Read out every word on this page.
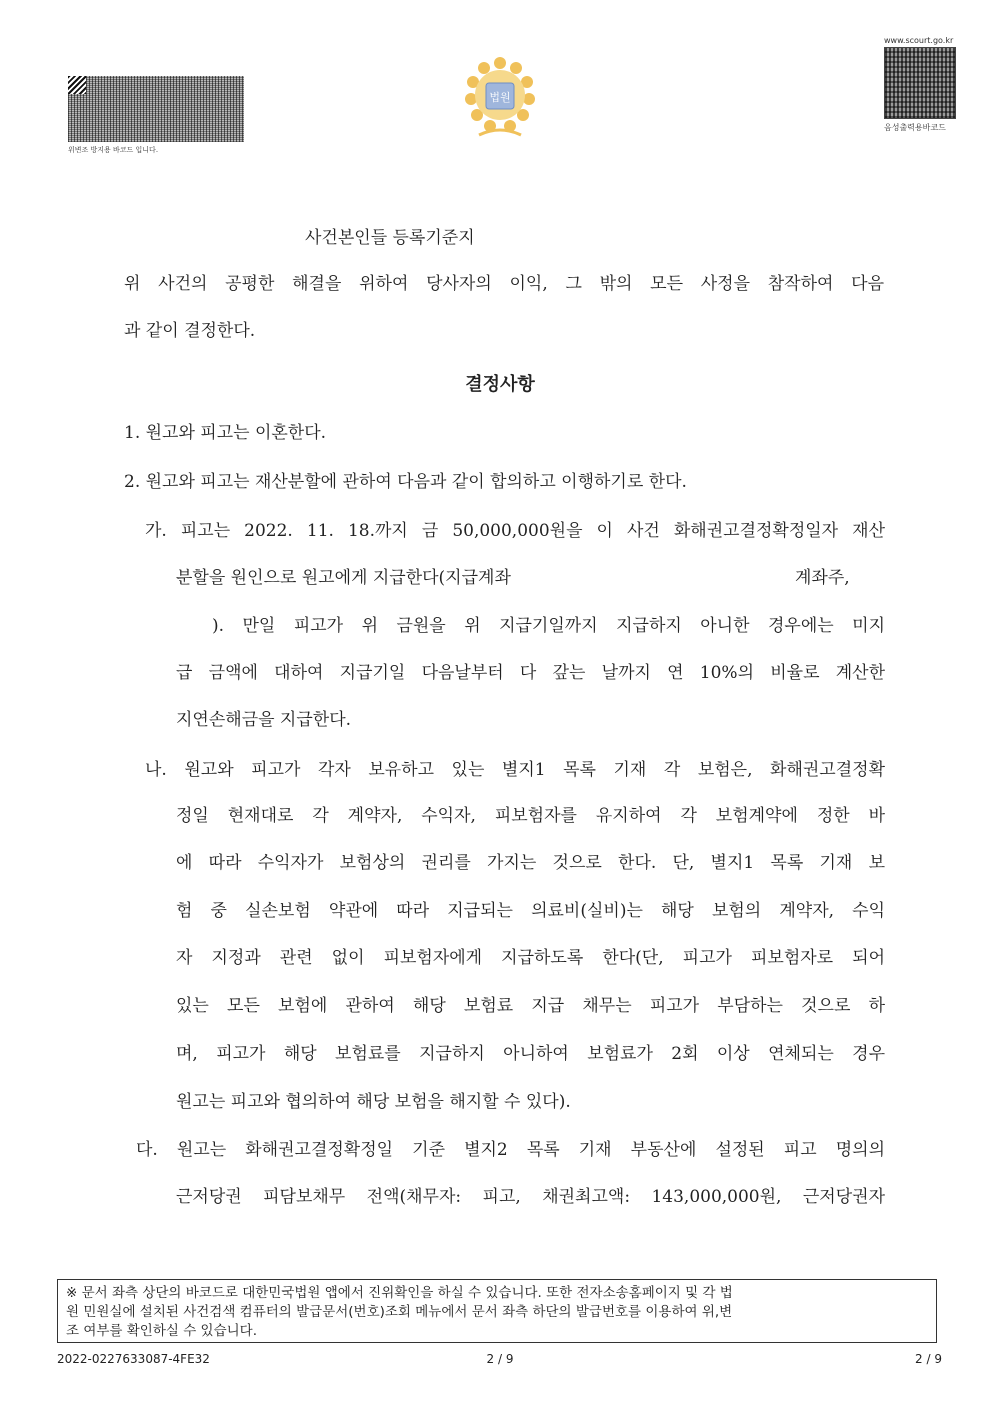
위변조 방지용 바코드 입니다.
법원
www.scourt.go.kr
음성출력용바코드
사건본인들 등록기준지
위 사건의 공평한 해결을 위하여 당사자의 이익, 그 밖의 모든 사정을 참작하여 다음
과 같이 결정한다.
결정사항
1. 원고와 피고는 이혼한다.
2. 원고와 피고는 재산분할에 관하여 다음과 같이 합의하고 이행하기로 한다.
가. 피고는 2022. 11. 18.까지 금 50,000,000원을 이 사건 화해권고결정확정일자 재산
분할을 원인으로 원고에게 지급한다(지급계좌	계좌주,
). 만일 피고가 위 금원을 위 지급기일까지 지급하지 아니한 경우에는 미지
급 금액에 대하여 지급기일 다음날부터 다 갚는 날까지 연 10%의 비율로 계산한
지연손해금을 지급한다.
나. 원고와 피고가 각자 보유하고 있는 별지1 목록 기재 각 보험은, 화해권고결정확
정일 현재대로 각 계약자, 수익자, 피보험자를 유지하여 각 보험계약에 정한 바
에 따라 수익자가 보험상의 권리를 가지는 것으로 한다. 단, 별지1 목록 기재 보
험 중 실손보험 약관에 따라 지급되는 의료비(실비)는 해당 보험의 계약자, 수익
자 지정과 관련 없이 피보험자에게 지급하도록 한다(단, 피고가 피보험자로 되어
있는 모든 보험에 관하여 해당 보험료 지급 채무는 피고가 부담하는 것으로 하
며, 피고가 해당 보험료를 지급하지 아니하여 보험료가 2회 이상 연체되는 경우
원고는 피고와 협의하여 해당 보험을 해지할 수 있다).
다. 원고는 화해권고결정확정일 기준 별지2 목록 기재 부동산에 설정된 피고 명의의
근저당권 피담보채무 전액(채무자: 피고, 채권최고액: 143,000,000원, 근저당권자
※ 문서 좌측 상단의 바코드로 대한민국법원 앱에서 진위확인을 하실 수 있습니다. 또한 전자소송홈페이지 및 각 법
원 민원실에 설치된 사건검색 컴퓨터의 발급문서(번호)조회 메뉴에서 문서 좌측 하단의 발급번호를 이용하여 위,변
조 여부를 확인하실 수 있습니다.
2022-0227633087-4FE32	2 / 9	2 / 9
